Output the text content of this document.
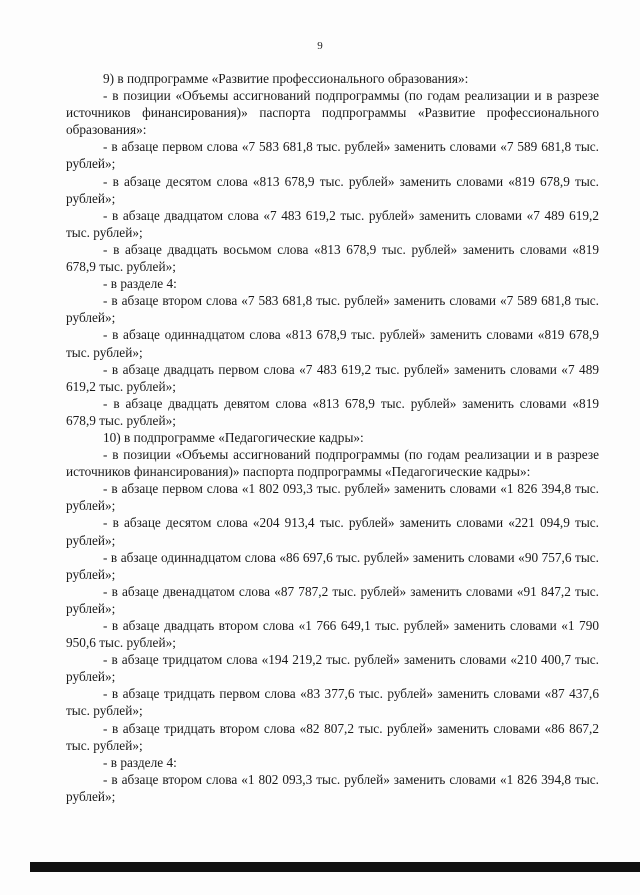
9

9) в подпрограмме «Развитие профессионального образования»:

- в позиции «Объемы ассигнований подпрограммы (по годам реализации и в разрезе источников финансирования)» паспорта подпрограммы «Развитие профессионального образования»:

- в абзаце первом слова «7 583 681,8 тыс. рублей» заменить словами «7 589 681,8 тыс. рублей»;

- в абзаце десятом слова «813 678,9 тыс. рублей» заменить словами «819 678,9 тыс. рублей»;

- в абзаце двадцатом слова «7 483 619,2 тыс. рублей» заменить словами «7 489 619,2 тыс. рублей»;

- в абзаце двадцать восьмом слова «813 678,9 тыс. рублей» заменить словами «819 678,9 тыс. рублей»;

- в разделе 4:

- в абзаце втором слова «7 583 681,8 тыс. рублей» заменить словами «7 589 681,8 тыс. рублей»;

- в абзаце одиннадцатом слова «813 678,9 тыс. рублей» заменить словами «819 678,9 тыс. рублей»;

- в абзаце двадцать первом слова «7 483 619,2 тыс. рублей» заменить словами «7 489 619,2 тыс. рублей»;

- в абзаце двадцать девятом слова «813 678,9 тыс. рублей» заменить словами «819 678,9 тыс. рублей»;

10) в подпрограмме «Педагогические кадры»:

- в позиции «Объемы ассигнований подпрограммы (по годам реализации и в разрезе источников финансирования)» паспорта подпрограммы «Педагогические кадры»:

- в абзаце первом слова «1 802 093,3 тыс. рублей» заменить словами «1 826 394,8 тыс. рублей»;

- в абзаце десятом слова «204 913,4 тыс. рублей» заменить словами «221 094,9 тыс. рублей»;

- в абзаце одиннадцатом слова «86 697,6 тыс. рублей» заменить словами «90 757,6 тыс. рублей»;

- в абзаце двенадцатом слова «87 787,2 тыс. рублей» заменить словами «91 847,2 тыс. рублей»;

- в абзаце двадцать втором слова «1 766 649,1 тыс. рублей» заменить словами «1 790 950,6 тыс. рублей»;

- в абзаце тридцатом слова «194 219,2 тыс. рублей» заменить словами «210 400,7 тыс. рублей»;

- в абзаце тридцать первом слова «83 377,6 тыс. рублей» заменить словами «87 437,6 тыс. рублей»;

- в абзаце тридцать втором слова «82 807,2 тыс. рублей» заменить словами «86 867,2 тыс. рублей»;

- в разделе 4:

- в абзаце втором слова «1 802 093,3 тыс. рублей» заменить словами «1 826 394,8 тыс. рублей»;
